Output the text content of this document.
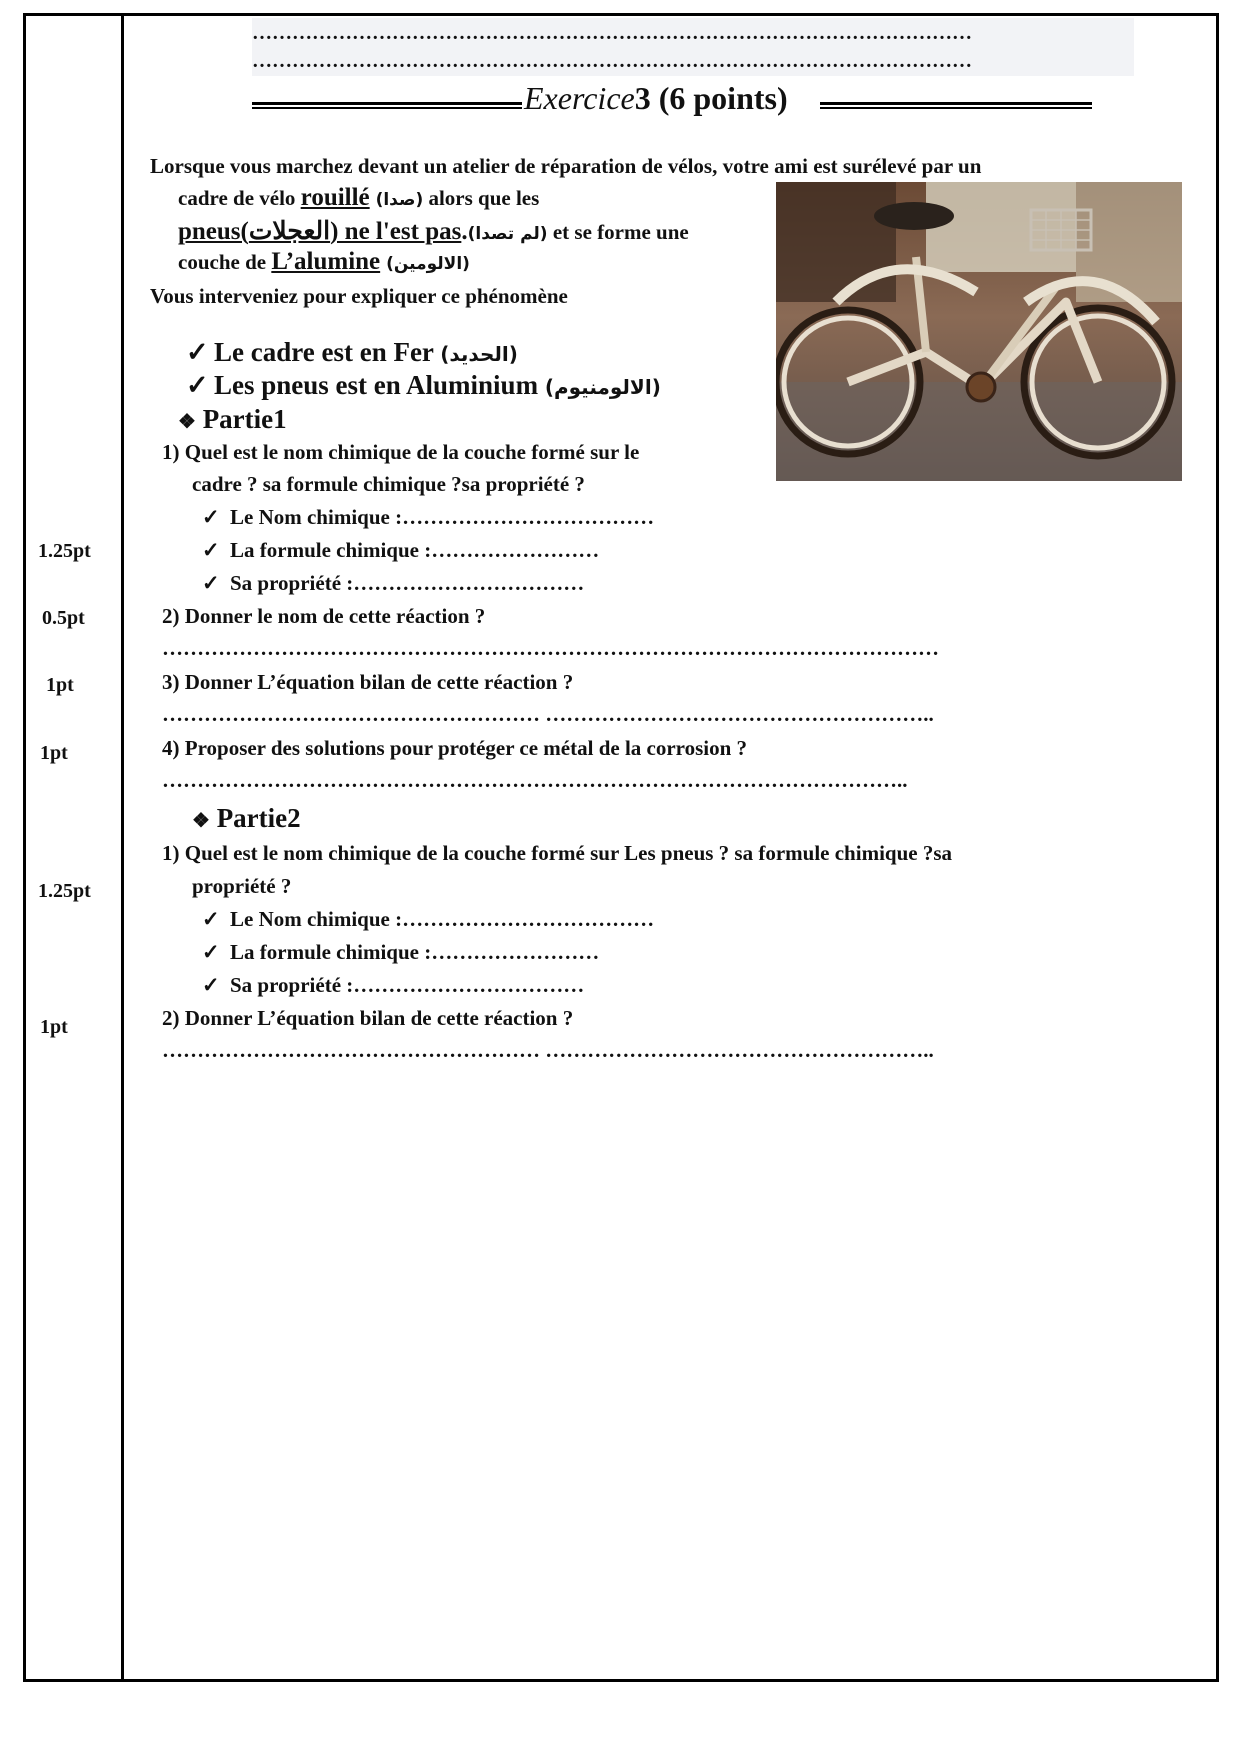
………………………………………………………………………………………………
………………………………………………………………………………………………
Exercice3 (6 points)
Lorsque vous marchez devant un atelier de réparation de vélos, votre ami est surélevé par un
cadre de vélo rouillé (صدا) alors que les
pneus(العجلات) ne l'est pas.(لم تصدا) et se forme une
couche de L’alumine (الالومين)
Vous interveniez pour expliquer ce phénomène
✓ Le cadre est en Fer (الحديد)
✓ Les pneus est en Aluminium (الالومنيوم)
❖ Partie1
1) Quel est le nom chimique de la couche formé sur le
cadre ? sa formule chimique ?sa propriété ?
✓ Le Nom chimique :………………………………
✓ La formule chimique :……………………
✓ Sa propriété :……………………………
2) Donner le nom de cette réaction ?
…………………………………………………………………………………………………
3) Donner L’équation bilan de cette réaction ?
……………………………………………… ………………………………………………..
4) Proposer des solutions pour protéger ce métal de la corrosion ?
……………………………………………………………………………………………..
❖ Partie2
1) Quel est le nom chimique de la couche formé sur Les pneus ? sa formule chimique ?sa
propriété ?
✓ Le Nom chimique :………………………………
✓ La formule chimique :……………………
✓ Sa propriété :……………………………
2) Donner L’équation bilan de cette réaction ?
……………………………………………… ………………………………………………..
1.25pt
0.5pt
1pt
1pt
1.25pt
1pt
